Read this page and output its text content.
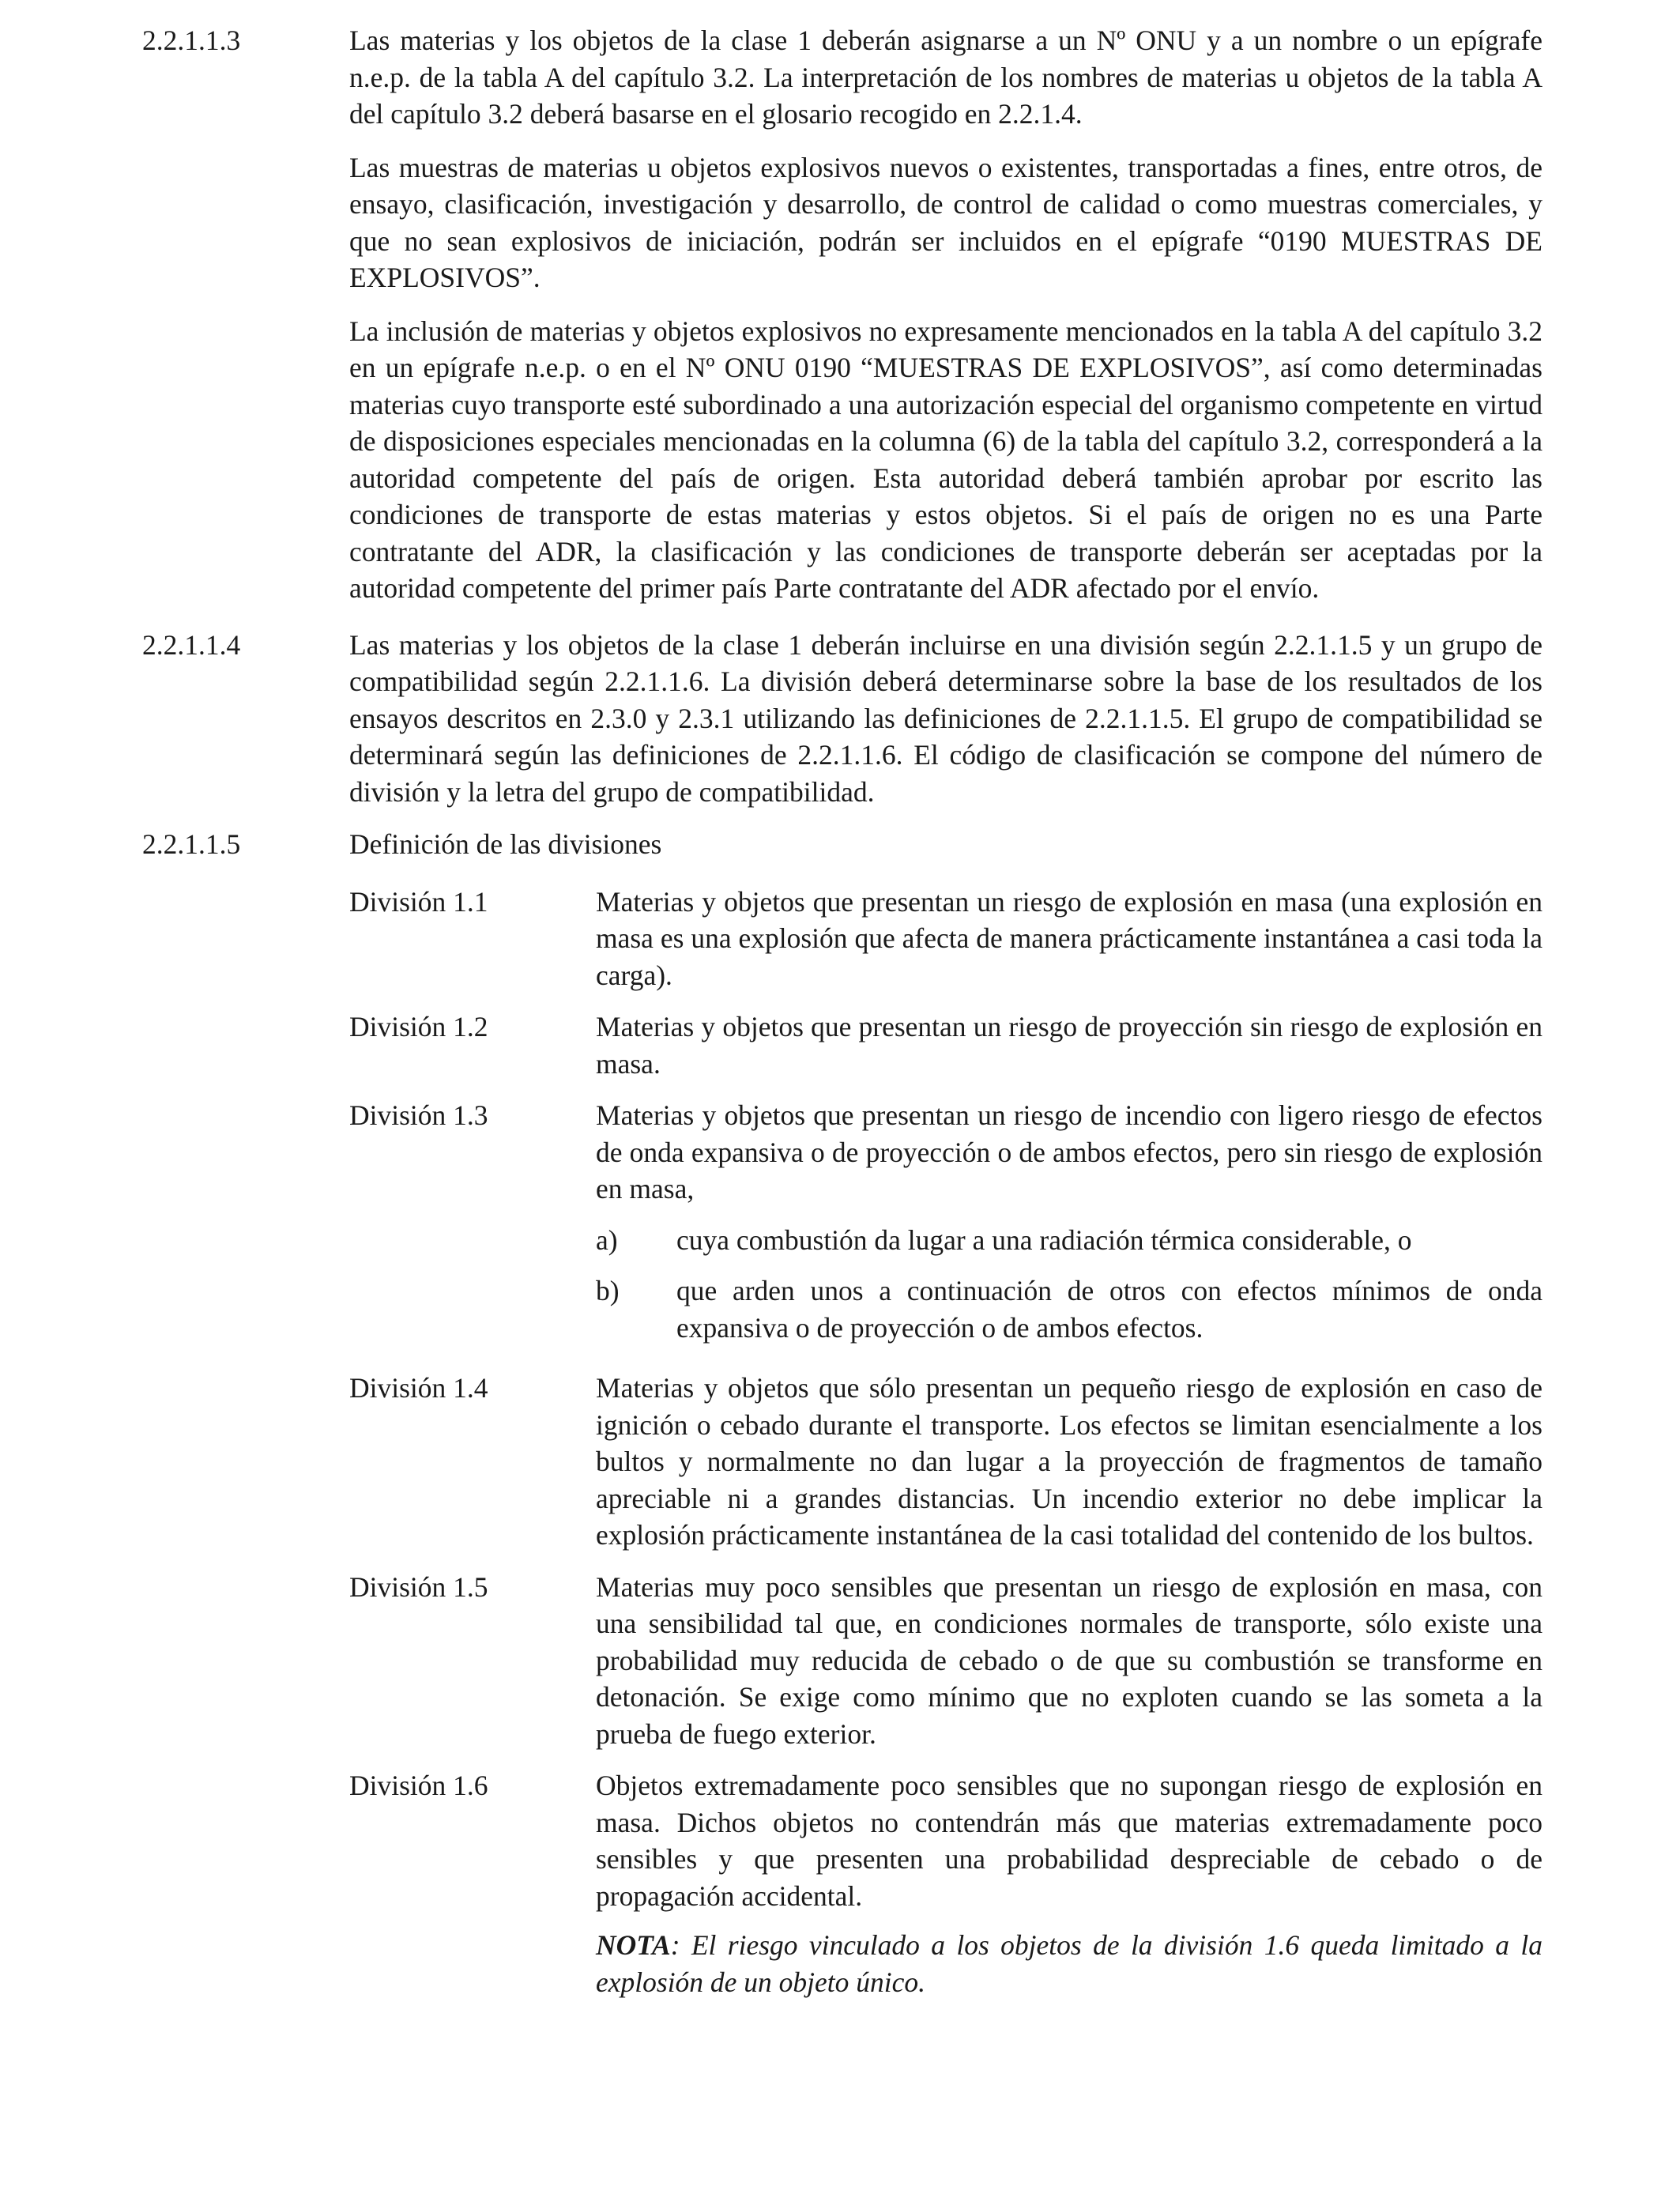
2.2.1.1.3	Las materias y los objetos de la clase 1 deberán asignarse a un Nº ONU y a un nombre o un epígrafe n.e.p. de la tabla A del capítulo 3.2. La interpretación de los nombres de materias u objetos de la tabla A del capítulo 3.2 deberá basarse en el glosario recogido en 2.2.1.4.

Las muestras de materias u objetos explosivos nuevos o existentes, transportadas a fines, entre otros, de ensayo, clasificación, investigación y desarrollo, de control de calidad o como muestras comerciales, y que no sean explosivos de iniciación, podrán ser incluidos en el epígrafe “0190 MUESTRAS DE EXPLOSIVOS”.

La inclusión de materias y objetos explosivos no expresamente mencionados en la tabla A del capítulo 3.2 en un epígrafe n.e.p. o en el Nº ONU 0190 “MUESTRAS DE EXPLOSIVOS”, así como determinadas materias cuyo transporte esté subordinado a una autorización especial del organismo competente en virtud de disposiciones especiales mencionadas en la columna (6) de la tabla del capítulo 3.2, corresponderá a la autoridad competente del país de origen. Esta autoridad deberá también aprobar por escrito las condiciones de transporte de estas materias y estos objetos. Si el país de origen no es una Parte contratante del ADR, la clasificación y las condiciones de transporte deberán ser aceptadas por la autoridad competente del primer país Parte contratante del ADR afectado por el envío.

2.2.1.1.4	Las materias y los objetos de la clase 1 deberán incluirse en una división según 2.2.1.1.5 y un grupo de compatibilidad según 2.2.1.1.6. La división deberá determinarse sobre la base de los resultados de los ensayos descritos en 2.3.0 y 2.3.1 utilizando las definiciones de 2.2.1.1.5. El grupo de compatibilidad se determinará según las definiciones de 2.2.1.1.6. El código de clasificación se compone del número de división y la letra del grupo de compatibilidad.

2.2.1.1.5	Definición de las divisiones

División 1.1	Materias y objetos que presentan un riesgo de explosión en masa (una explosión en masa es una explosión que afecta de manera prácticamente instantánea a casi toda la carga).

División 1.2	Materias y objetos que presentan un riesgo de proyección sin riesgo de explosión en masa.

División 1.3	Materias y objetos que presentan un riesgo de incendio con ligero riesgo de efectos de onda expansiva o de proyección o de ambos efectos, pero sin riesgo de explosión en masa,

a) cuya combustión da lugar a una radiación térmica considerable, o

b) que arden unos a continuación de otros con efectos mínimos de onda expansiva o de proyección o de ambos efectos.

División 1.4	Materias y objetos que sólo presentan un pequeño riesgo de explosión en caso de ignición o cebado durante el transporte. Los efectos se limitan esencialmente a los bultos y normalmente no dan lugar a la proyección de fragmentos de tamaño apreciable ni a grandes distancias. Un incendio exterior no debe implicar la explosión prácticamente instantánea de la casi totalidad del contenido de los bultos.

División 1.5	Materias muy poco sensibles que presentan un riesgo de explosión en masa, con una sensibilidad tal que, en condiciones normales de transporte, sólo existe una probabilidad muy reducida de cebado o de que su combustión se transforme en detonación. Se exige como mínimo que no exploten cuando se las someta a la prueba de fuego exterior.

División 1.6	Objetos extremadamente poco sensibles que no supongan riesgo de explosión en masa. Dichos objetos no contendrán más que materias extremadamente poco sensibles y que presenten una probabilidad despreciable de cebado o de propagación accidental.

NOTA: El riesgo vinculado a los objetos de la división 1.6 queda limitado a la explosión de un objeto único.
